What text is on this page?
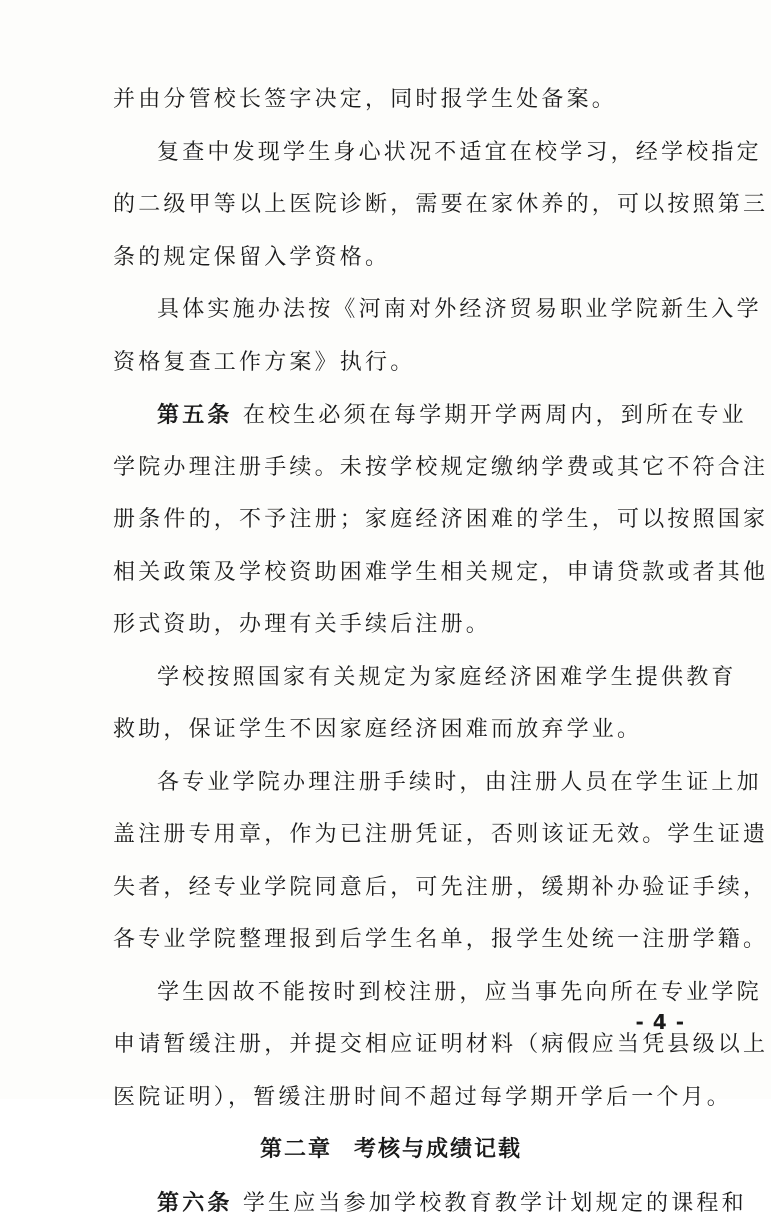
并由分管校长签字决定，同时报学生处备案。
复查中发现学生身心状况不适宜在校学习，经学校指定
的二级甲等以上医院诊断，需要在家休养的，可以按照第三
条的规定保留入学资格。
具体实施办法按《河南对外经济贸易职业学院新生入学
资格复查工作方案》执行。
第五条 在校生必须在每学期开学两周内，到所在专业
学院办理注册手续。未按学校规定缴纳学费或其它不符合注
册条件的，不予注册；家庭经济困难的学生，可以按照国家
相关政策及学校资助困难学生相关规定，申请贷款或者其他
形式资助，办理有关手续后注册。
学校按照国家有关规定为家庭经济困难学生提供教育
救助，保证学生不因家庭经济困难而放弃学业。
各专业学院办理注册手续时，由注册人员在学生证上加
盖注册专用章，作为已注册凭证，否则该证无效。学生证遗
失者，经专业学院同意后，可先注册，缓期补办验证手续，
各专业学院整理报到后学生名单，报学生处统一注册学籍。
学生因故不能按时到校注册，应当事先向所在专业学院
申请暂缓注册，并提交相应证明材料（病假应当凭县级以上
医院证明），暂缓注册时间不超过每学期开学后一个月。
第二章 考核与成绩记载
第六条 学生应当参加学校教育教学计划规定的课程和
- 4 -
